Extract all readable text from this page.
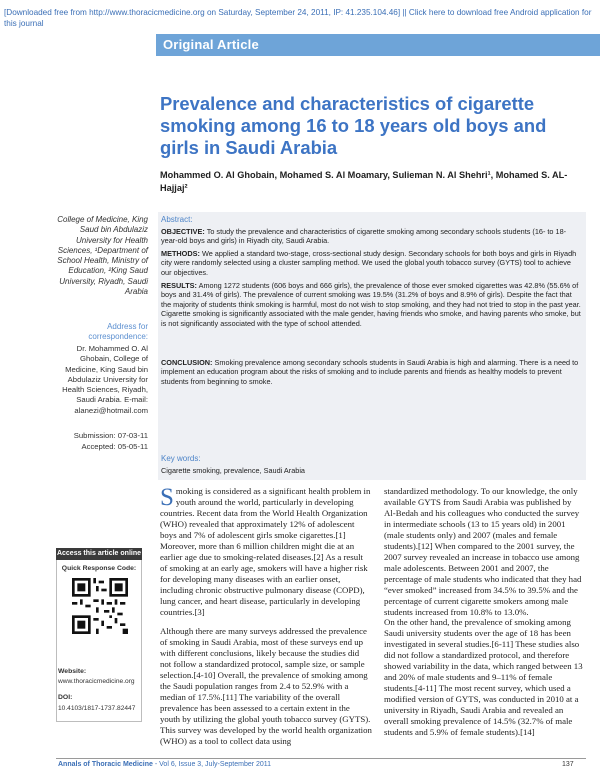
[Downloaded free from http://www.thoracicmedicine.org on Saturday, September 24, 2011, IP: 41.235.104.46] || Click here to download free Android application for this journal
Original Article
Prevalence and characteristics of cigarette smoking among 16 to 18 years old boys and girls in Saudi Arabia
Mohammed O. Al Ghobain, Mohamed S. Al Moamary, Sulieman N. Al Shehri¹, Mohamed S. AL-Hajjaj²
College of Medicine, King Saud bin Abdulaziz University for Health Sciences, ¹Department of School Health, Ministry of Education, ²King Saud University, Riyadh, Saudi Arabia
Address for correspondence:
Dr. Mohammed O. Al Ghobain, College of Medicine, King Saud bin Abdulaziz University for Health Sciences, Riyadh, Saudi Arabia. E-mail: alanezi@hotmail.com
Submission: 07-03-11
Accepted: 05-05-11
Abstract:
OBJECTIVE: To study the prevalence and characteristics of cigarette smoking among secondary schools students (16- to 18-year-old boys and girls) in Riyadh city, Saudi Arabia.
METHODS: We applied a standard two-stage, cross-sectional study design. Secondary schools for both boys and girls in Riyadh city were randomly selected using a cluster sampling method. We used the global youth tobacco survey (GYTS) tool to achieve our objectives.
RESULTS: Among 1272 students (606 boys and 666 girls), the prevalence of those ever smoked cigarettes was 42.8% (55.6% of boys and 31.4% of girls). The prevalence of current smoking was 19.5% (31.2% of boys and 8.9% of girls). Despite the fact that the majority of students think smoking is harmful, most do not wish to stop smoking, and they had not tried to stop in the past year. Cigarette smoking is significantly associated with the male gender, having friends who smoke, and having parents who smoke, but is not significantly associated with the type of school attended.
CONCLUSION: Smoking prevalence among secondary schools students in Saudi Arabia is high and alarming. There is a need to implement an education program about the risks of smoking and to include parents and friends as healthy models to prevent students from beginning to smoke.
Key words:
Cigarette smoking, prevalence, Saudi Arabia
Smoking is considered as a significant health problem in youth around the world, particularly in developing countries. Recent data from the World Health Organization (WHO) revealed that approximately 12% of adolescent boys and 7% of adolescent girls smoke cigarettes.[1] Moreover, more than 6 million children might die at an earlier age due to smoking-related diseases.[2] As a result of smoking at an early age, smokers will have a higher risk for developing many diseases with an earlier onset, including chronic obstructive pulmonary disease (COPD), lung cancer, and heart disease, particularly in developing countries.[3]
Although there are many surveys addressed the prevalence of smoking in Saudi Arabia, most of these surveys end up with different conclusions, likely because the studies did not follow a standardized protocol, sample size, or sample selection.[4-10] Overall, the prevalence of smoking among the Saudi population ranges from 2.4 to 52.9% with a median of 17.5%.[11] The variability of the overall prevalence has been assessed to a certain extent in the youth by utilizing the global youth tobacco survey (GYTS). This survey was developed by the world health organization (WHO) as a tool to collect data using
standardized methodology. To our knowledge, the only available GYTS from Saudi Arabia was published by Al-Bedah and his colleagues who conducted the survey in intermediate schools (13 to 15 years old) in 2001 (male students only) and 2007 (males and female students).[12] When compared to the 2001 survey, the 2007 survey revealed an increase in tobacco use among male adolescents. Between 2001 and 2007, the percentage of male students who indicated that they had “ever smoked” increased from 34.5% to 39.5% and the percentage of current cigarette smokers among male students increased from 10.8% to 13.0%.
On the other hand, the prevalence of smoking among Saudi university students over the age of 18 has been investigated in several studies.[6-11] These studies also did not follow a standardized protocol, and therefore showed variability in the data, which ranged between 13 and 20% of male students and 9–11% of female students.[4-11] The most recent survey, which used a modified version of GYTS, was conducted in 2010 at a university in Riyadh, Saudi Arabia and revealed an overall smoking prevalence of 14.5% (32.7% of male students and 5.9% of female students).[14]
Access this article online
Quick Response Code:
Website:
www.thoracicmedicine.org
DOI:
10.4103/1817-1737.82447
Annals of Thoracic Medicine - Vol 6, Issue 3, July-September 2011	137
